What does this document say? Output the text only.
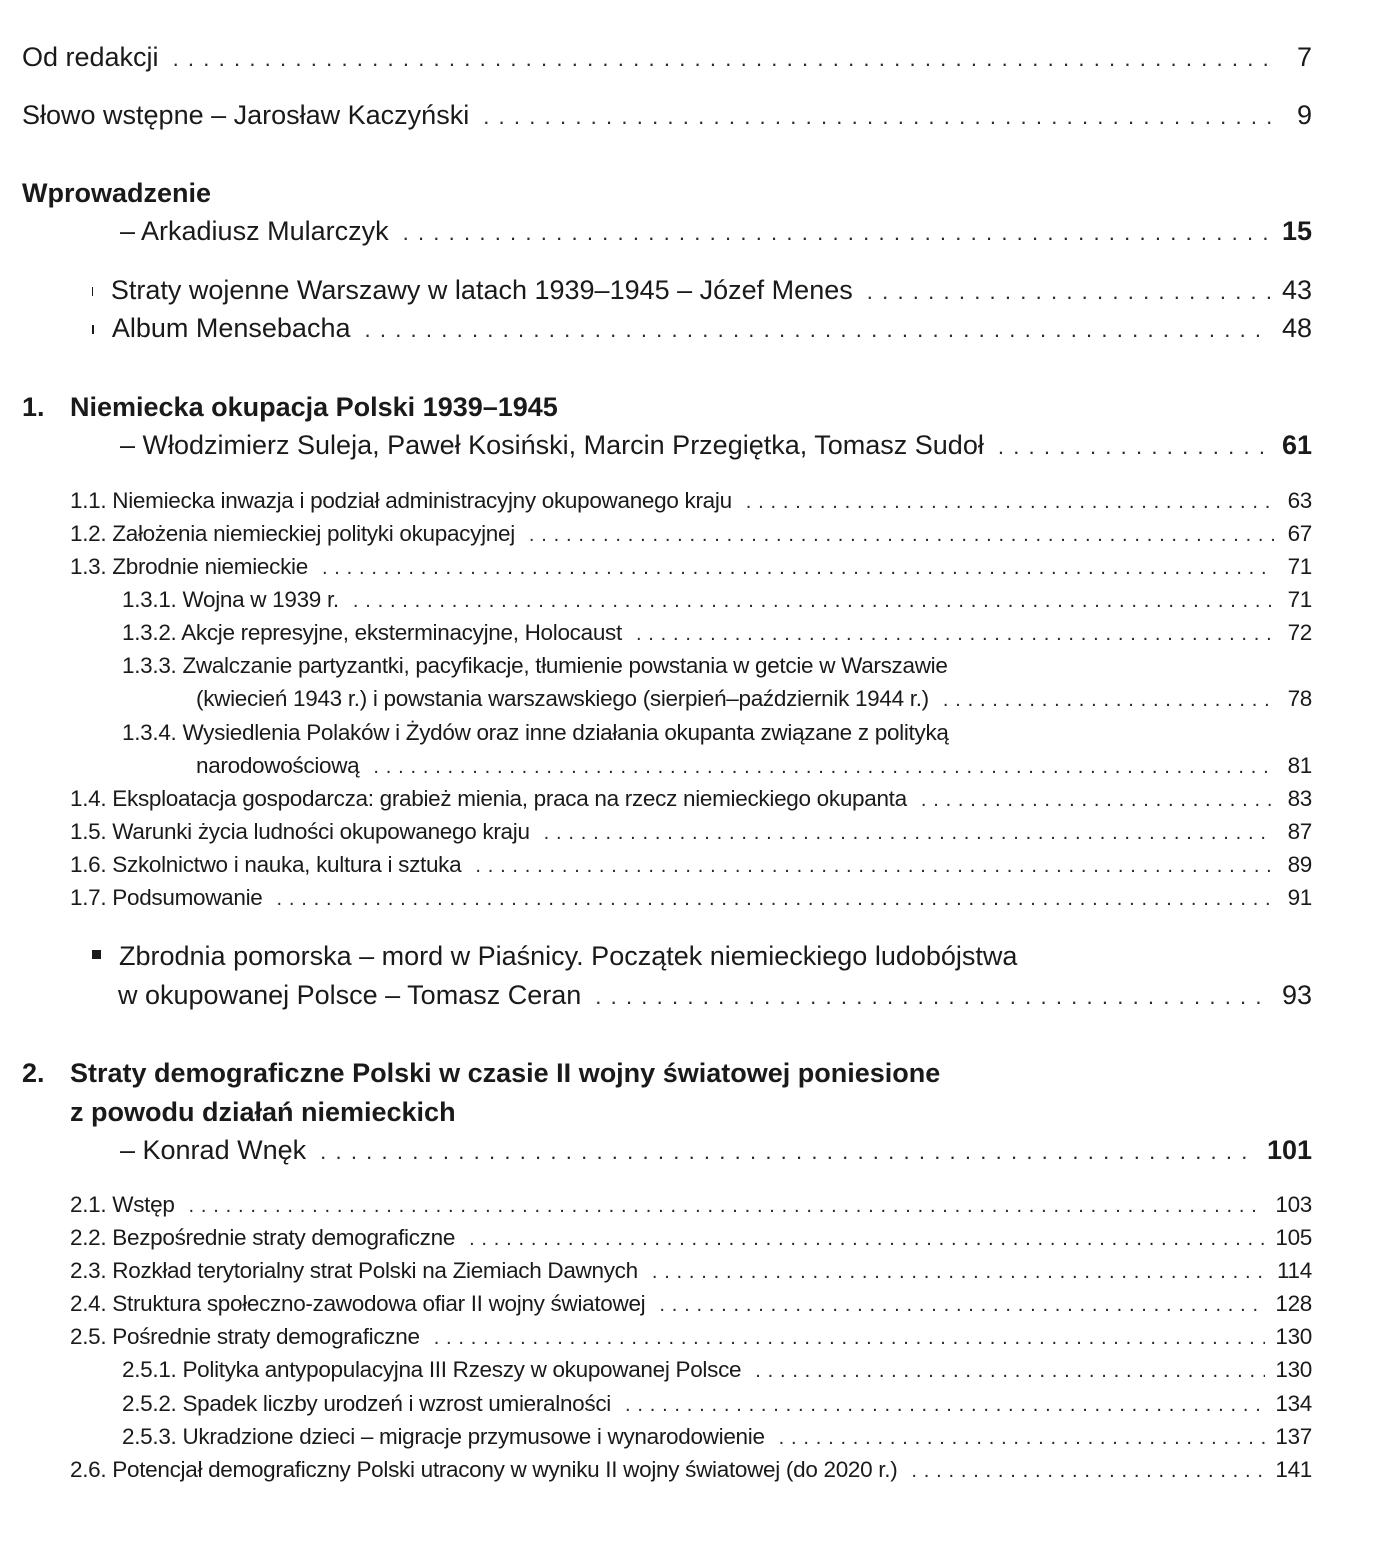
Od redakcji .....	7
Słowo wstępne – Jarosław Kaczyński .....	9
Wprowadzenie
– Arkadiusz Mularczyk .....	15
Straty wojenne Warszawy w latach 1939–1945 – Józef Menes .....	43
Album Mensebacha .....	48
1. Niemiecka okupacja Polski 1939–1945
– Włodzimierz Suleja, Paweł Kosiński, Marcin Przegiętka, Tomasz Sudoł .....	61
1.1. Niemiecka inwazja i podział administracyjny okupowanego kraju .....	63
1.2. Założenia niemieckiej polityki okupacyjnej .....	67
1.3. Zbrodnie niemieckie .....	71
1.3.1. Wojna w 1939 r. .....	71
1.3.2. Akcje represyjne, eksterminacyjne, Holocaust .....	72
1.3.3. Zwalczanie partyzantki, pacyfikacje, tłumienie powstania w getcie w Warszawie
(kwiecień 1943 r.) i powstania warszawskiego (sierpień–październik 1944 r.) .....	78
1.3.4. Wysiedlenia Polaków i Żydów oraz inne działania okupanta związane z polityką
narodowościową .....	81
1.4. Eksploatacja gospodarcza: grabież mienia, praca na rzecz niemieckiego okupanta .....	83
1.5. Warunki życia ludności okupowanego kraju .....	87
1.6. Szkolnictwo i nauka, kultura i sztuka .....	89
1.7. Podsumowanie .....	91
Zbrodnia pomorska – mord w Piaśnicy. Początek niemieckiego ludobójstwa
w okupowanej Polsce – Tomasz Ceran .....	93
2. Straty demograficzne Polski w czasie II wojny światowej poniesione
z powodu działań niemieckich
– Konrad Wnęk .....	101
2.1. Wstęp .....	103
2.2. Bezpośrednie straty demograficzne .....	105
2.3. Rozkład terytorialny strat Polski na Ziemiach Dawnych .....	114
2.4. Struktura społeczno-zawodowa ofiar II wojny światowej .....	128
2.5. Pośrednie straty demograficzne .....	130
2.5.1. Polityka antypopulacyjna III Rzeszy w okupowanej Polsce .....	130
2.5.2. Spadek liczby urodzeń i wzrost umieralności .....	134
2.5.3. Ukradzione dzieci – migracje przymusowe i wynarodowienie .....	137
2.6. Potencjał demograficzny Polski utracony w wyniku II wojny światowej (do 2020 r.) .....	141
